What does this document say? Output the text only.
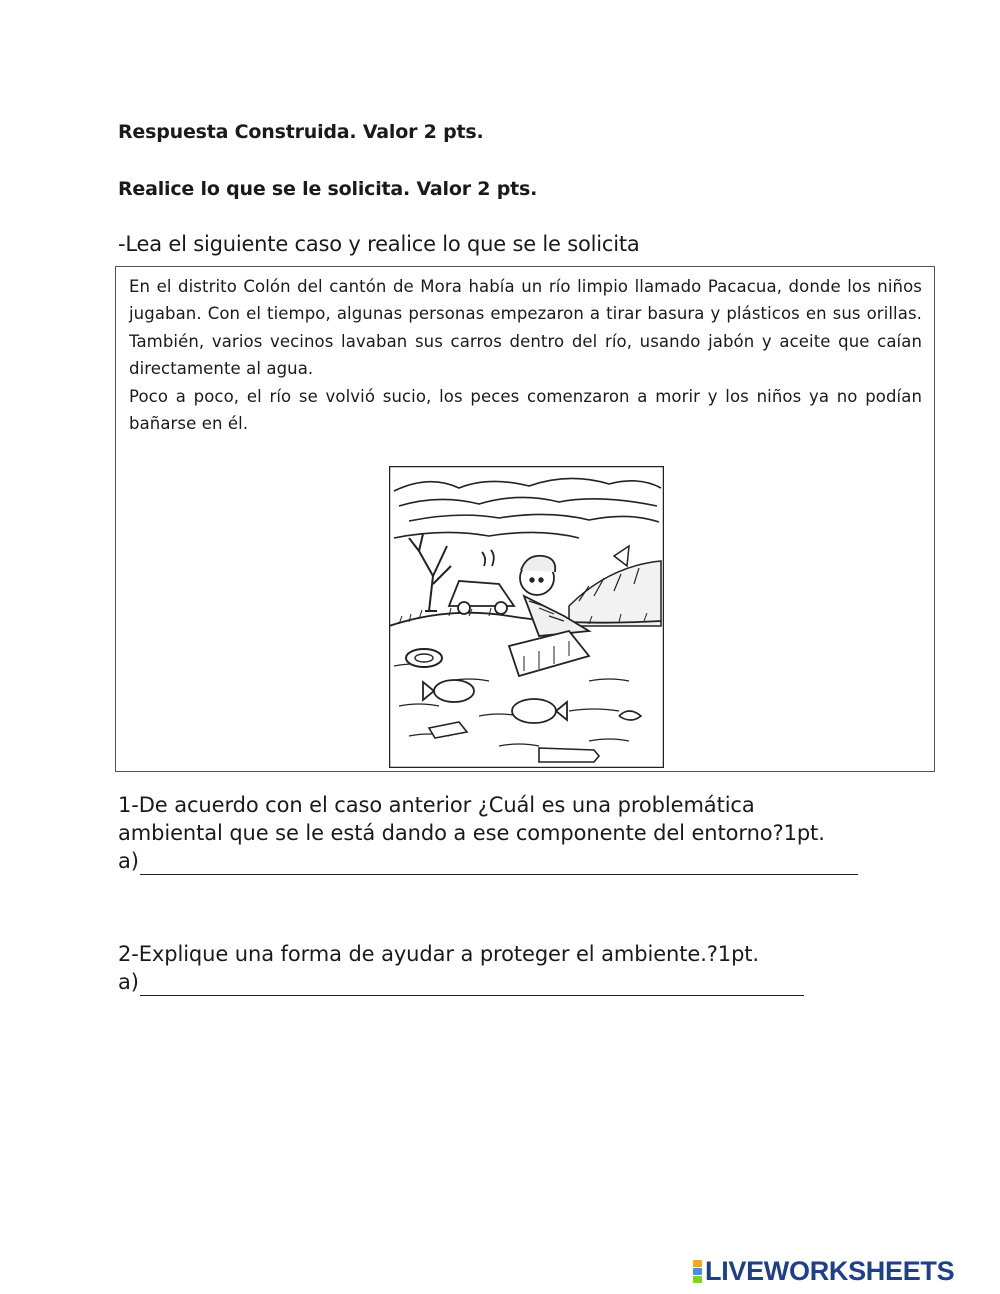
Respuesta Construida. Valor 2 pts.
Realice lo que se le solicita. Valor 2 pts.
-Lea el siguiente caso y realice lo que se le solicita

En el distrito Colón del cantón de Mora había un río limpio llamado Pacacua, donde los niños jugaban. Con el tiempo, algunas personas empezaron a tirar basura y plásticos en sus orillas. También, varios vecinos lavaban sus carros dentro del río, usando jabón y aceite que caían directamente al agua.

Poco a poco, el río se volvió sucio, los peces comenzaron a morir y los niños ya no podían bañarse en él.

1-De acuerdo con el caso anterior ¿Cuál es una problemática ambiental que se le está dando a ese componente del entorno?1pt.
a)
2-Explique una forma de ayudar a proteger el ambiente.?1pt.
a)
LIVEWORKSHEETS
